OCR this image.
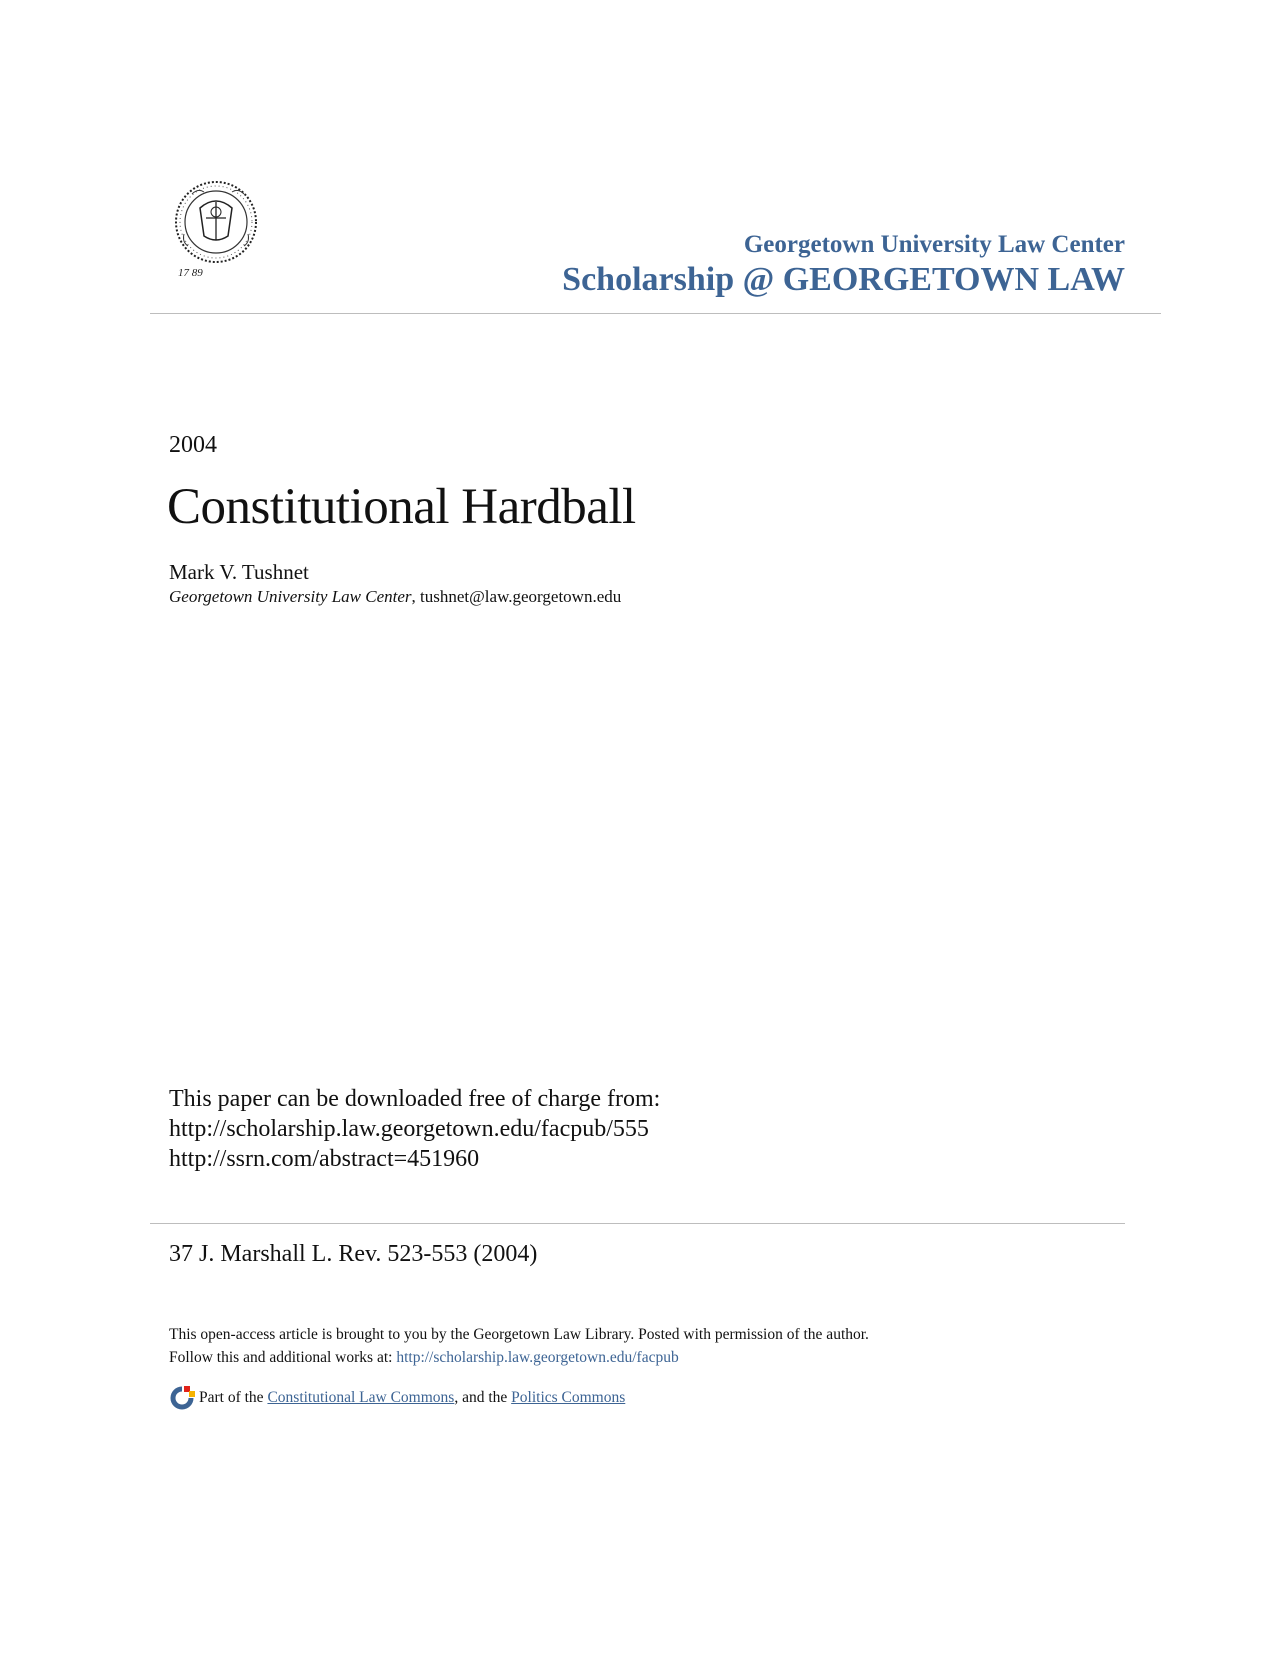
17 89
Georgetown University Law Center
Scholarship @ GEORGETOWN LAW
2004
Constitutional Hardball
Mark V. Tushnet
Georgetown University Law Center, tushnet@law.georgetown.edu
This paper can be downloaded free of charge from:
http://scholarship.law.georgetown.edu/facpub/555
http://ssrn.com/abstract=451960
37 J. Marshall L. Rev. 523-553 (2004)
This open-access article is brought to you by the Georgetown Law Library. Posted with permission of the author.
Follow this and additional works at: http://scholarship.law.georgetown.edu/facpub
Part of the Constitutional Law Commons, and the Politics Commons
